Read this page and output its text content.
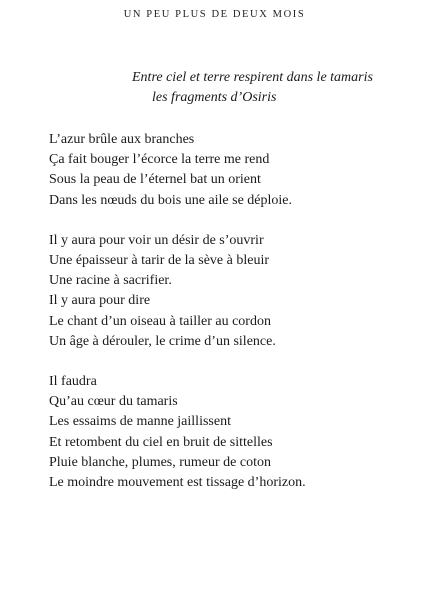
UN PEU PLUS DE DEUX MOIS
Entre ciel et terre respirent dans le tamaris
les fragments d’Osiris
L’azur brûle aux branches
Ça fait bouger l’écorce la terre me rend
Sous la peau de l’éternel bat un orient
Dans les nœuds du bois une aile se déploie.
Il y aura pour voir un désir de s’ouvrir
Une épaisseur à tarir de la sève à bleuir
Une racine à sacrifier.
Il y aura pour dire
Le chant d’un oiseau à tailler au cordon
Un âge à dérouler, le crime d’un silence.
Il faudra
Qu’au cœur du tamaris
Les essaims de manne jaillissent
Et retombent du ciel en bruit de sittelles
Pluie blanche, plumes, rumeur de coton
Le moindre mouvement est tissage d’horizon.
